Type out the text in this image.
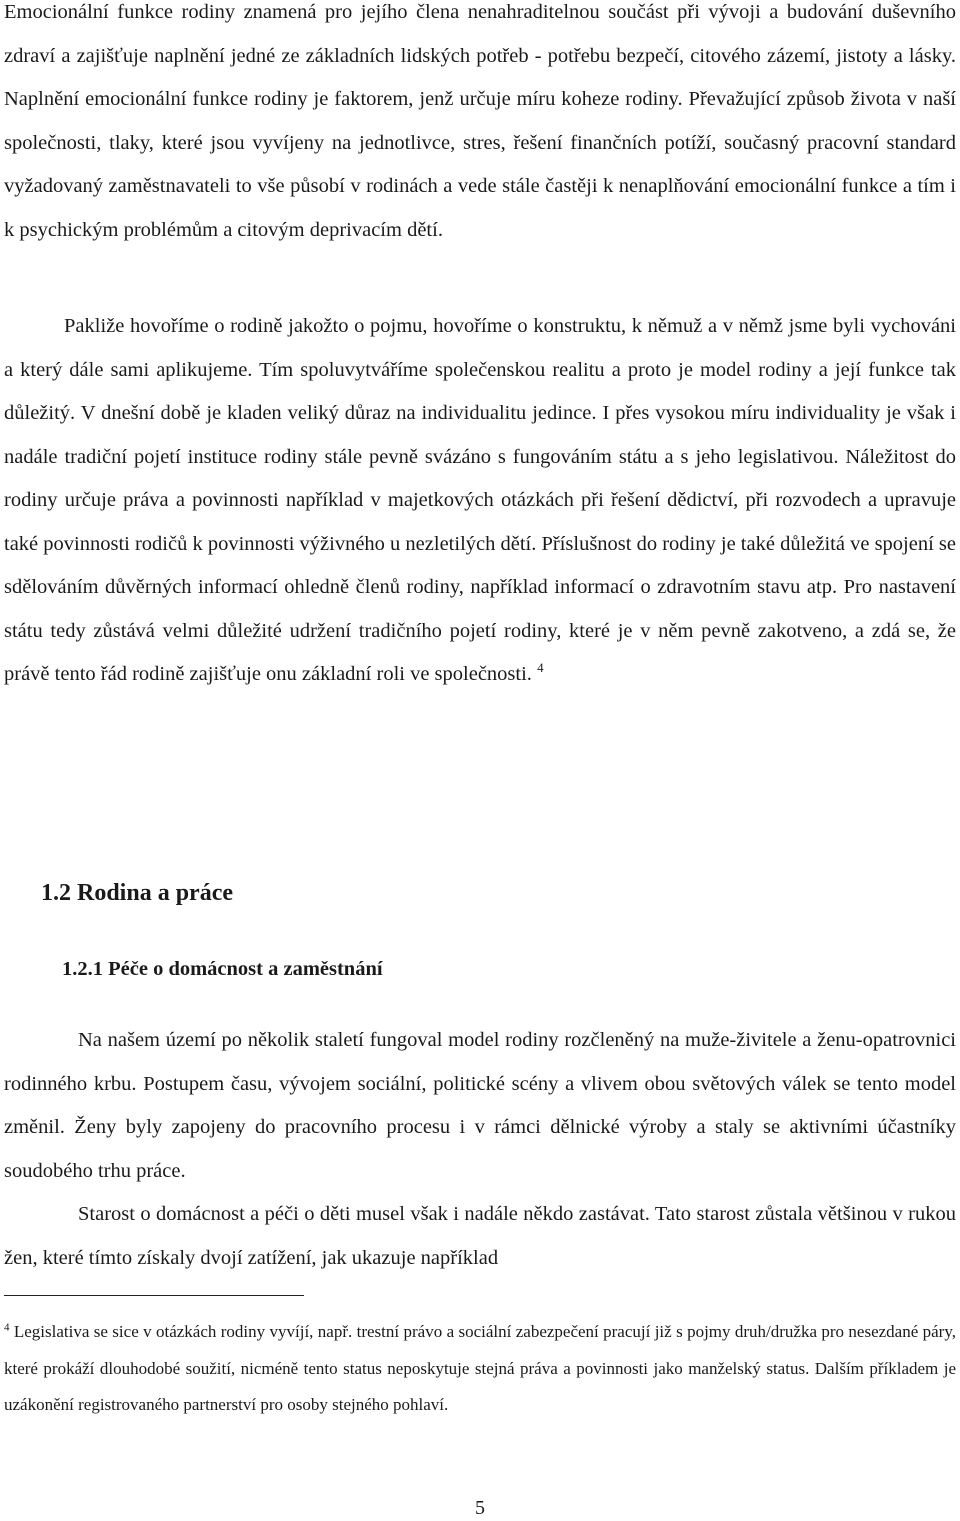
Emocionální funkce rodiny znamená pro jejího člena nenahraditelnou součást při vývoji a budování duševního zdraví a zajišťuje naplnění jedné ze základních lidských potřeb - potřebu bezpečí, citového zázemí, jistoty a lásky. Naplnění emocionální funkce rodiny je faktorem, jenž určuje míru koheze rodiny. Převažující způsob života v naší společnosti, tlaky, které jsou vyvíjeny na jednotlivce, stres, řešení finančních potíží, současný pracovní standard vyžadovaný zaměstnavateli to vše působí v rodinách a vede stále častěji k nenaplňování emocionální funkce a tím i k psychickým problémům a citovým deprivacím dětí.

Pakliže hovoříme o rodině jakožto o pojmu, hovoříme o konstruktu, k němuž a v němž jsme byli vychováni a který dále sami aplikujeme. Tím spoluvytváříme společenskou realitu a proto je model rodiny a její funkce tak důležitý. V dnešní době je kladen veliký důraz na individualitu jedince. I přes vysokou míru individuality je však i nadále tradiční pojetí instituce rodiny stále pevně svázáno s fungováním státu a s jeho legislativou. Náležitost do rodiny určuje práva a povinnosti například v majetkových otázkách při řešení dědictví, při rozvodech a upravuje také povinnosti rodičů k povinnosti výživného u nezletilých dětí. Příslušnost do rodiny je také důležitá ve spojení se sdělováním důvěrných informací ohledně členů rodiny, například informací o zdravotním stavu atp. Pro nastavení státu tedy zůstává velmi důležité udržení tradičního pojetí rodiny, které je v něm pevně zakotveno, a zdá se, že právě tento řád rodině zajišťuje onu základní roli ve společnosti. $^4$

1.2 Rodina a práce
1.2.1 Péče o domácnost a zaměstnání

Na našem území po několik staletí fungoval model rodiny rozčleněný na muže-živitele a ženu-opatrovnici rodinného krbu. Postupem času, vývojem sociální, politické scény a vlivem obou světových válek se tento model změnil. Ženy byly zapojeny do pracovního procesu i v rámci dělnické výroby a staly se aktivními účastníky soudobého trhu práce.

Starost o domácnost a péči o děti musel však i nadále někdo zastávat. Tato starost zůstala většinou v rukou žen, které tímto získaly dvojí zatížení, jak ukazuje například

$^4$ Legislativa se sice v otázkách rodiny vyvíjí, např. trestní právo a sociální zabezpečení pracují již s pojmy druh/družka pro nesezdané páry, které prokáží dlouhodobé soužití, nicméně tento status neposkytuje stejná práva a povinnosti jako manželský status. Dalším příkladem je uzákonění registrovaného partnerství pro osoby stejného pohlaví.

5
